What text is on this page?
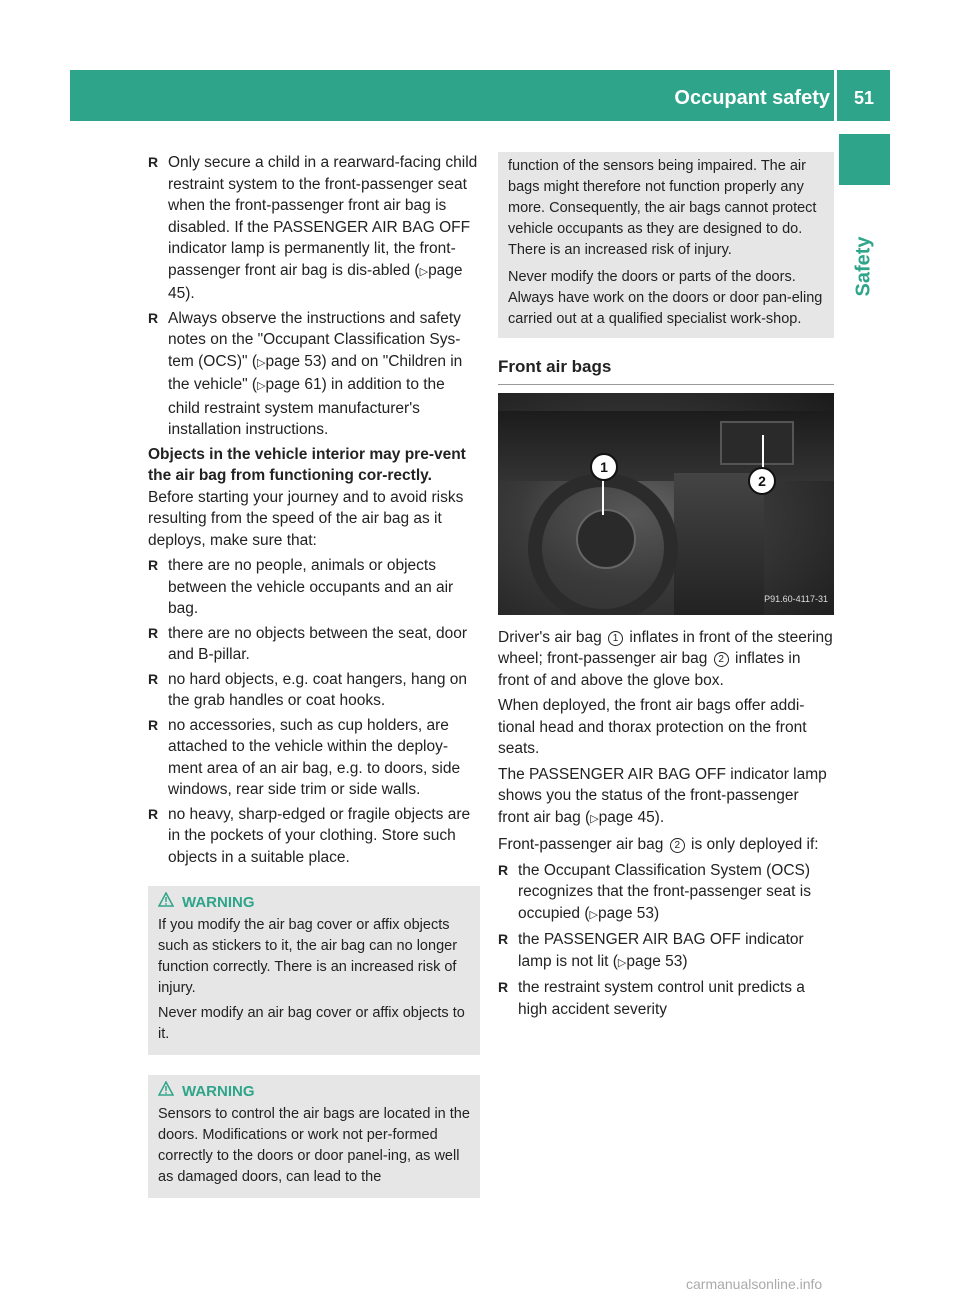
Occupant safety	51
Safety
R Only secure a child in a rearward-facing child restraint system to the front-passenger seat when the front-passenger front air bag is disabled. If the PASSENGER AIR BAG OFF indicator lamp is permanently lit, the front-passenger front air bag is dis-abled (▷page 45).
R Always observe the instructions and safety notes on the "Occupant Classification Sys-tem (OCS)" (▷page 53) and on "Children in the vehicle" (▷page 61) in addition to the child restraint system manufacturer's installation instructions.

Objects in the vehicle interior may pre-vent the air bag from functioning cor-rectly. Before starting your journey and to avoid risks resulting from the speed of the air bag as it deploys, make sure that:

R there are no people, animals or objects between the vehicle occupants and an air bag.
R there are no objects between the seat, door and B-pillar.
R no hard objects, e.g. coat hangers, hang on the grab handles or coat hooks.
R no accessories, such as cup holders, are attached to the vehicle within the deploy-ment area of an air bag, e.g. to doors, side windows, rear side trim or side walls.
R no heavy, sharp-edged or fragile objects are in the pockets of your clothing. Store such objects in a suitable place.
WARNING

If you modify the air bag cover or affix objects such as stickers to it, the air bag can no longer function correctly. There is an increased risk of injury.

Never modify an air bag cover or affix objects to it.

WARNING

Sensors to control the air bags are located in the doors. Modifications or work not per-formed correctly to the doors or door panel-ing, as well as damaged doors, can lead to the

function of the sensors being impaired. The air bags might therefore not function properly any more. Consequently, the air bags cannot protect vehicle occupants as they are designed to do. There is an increased risk of injury.

Never modify the doors or parts of the doors. Always have work on the doors or door pan-eling carried out at a qualified specialist work-shop.

Front air bags
1
2
P91.60-4117-31

Driver's air bag 1 inflates in front of the steering wheel; front-passenger air bag 2 inflates in front of and above the glove box.

When deployed, the front air bags offer addi-tional head and thorax protection on the front seats.

The PASSENGER AIR BAG OFF indicator lamp shows you the status of the front-passenger front air bag (▷page 45).

Front-passenger air bag 2 is only deployed if:

R the Occupant Classification System (OCS) recognizes that the front-passenger seat is occupied (▷page 53)
R the PASSENGER AIR BAG OFF indicator lamp is not lit (▷page 53)
R the restraint system control unit predicts a high accident severity
carmanualsonline.info
